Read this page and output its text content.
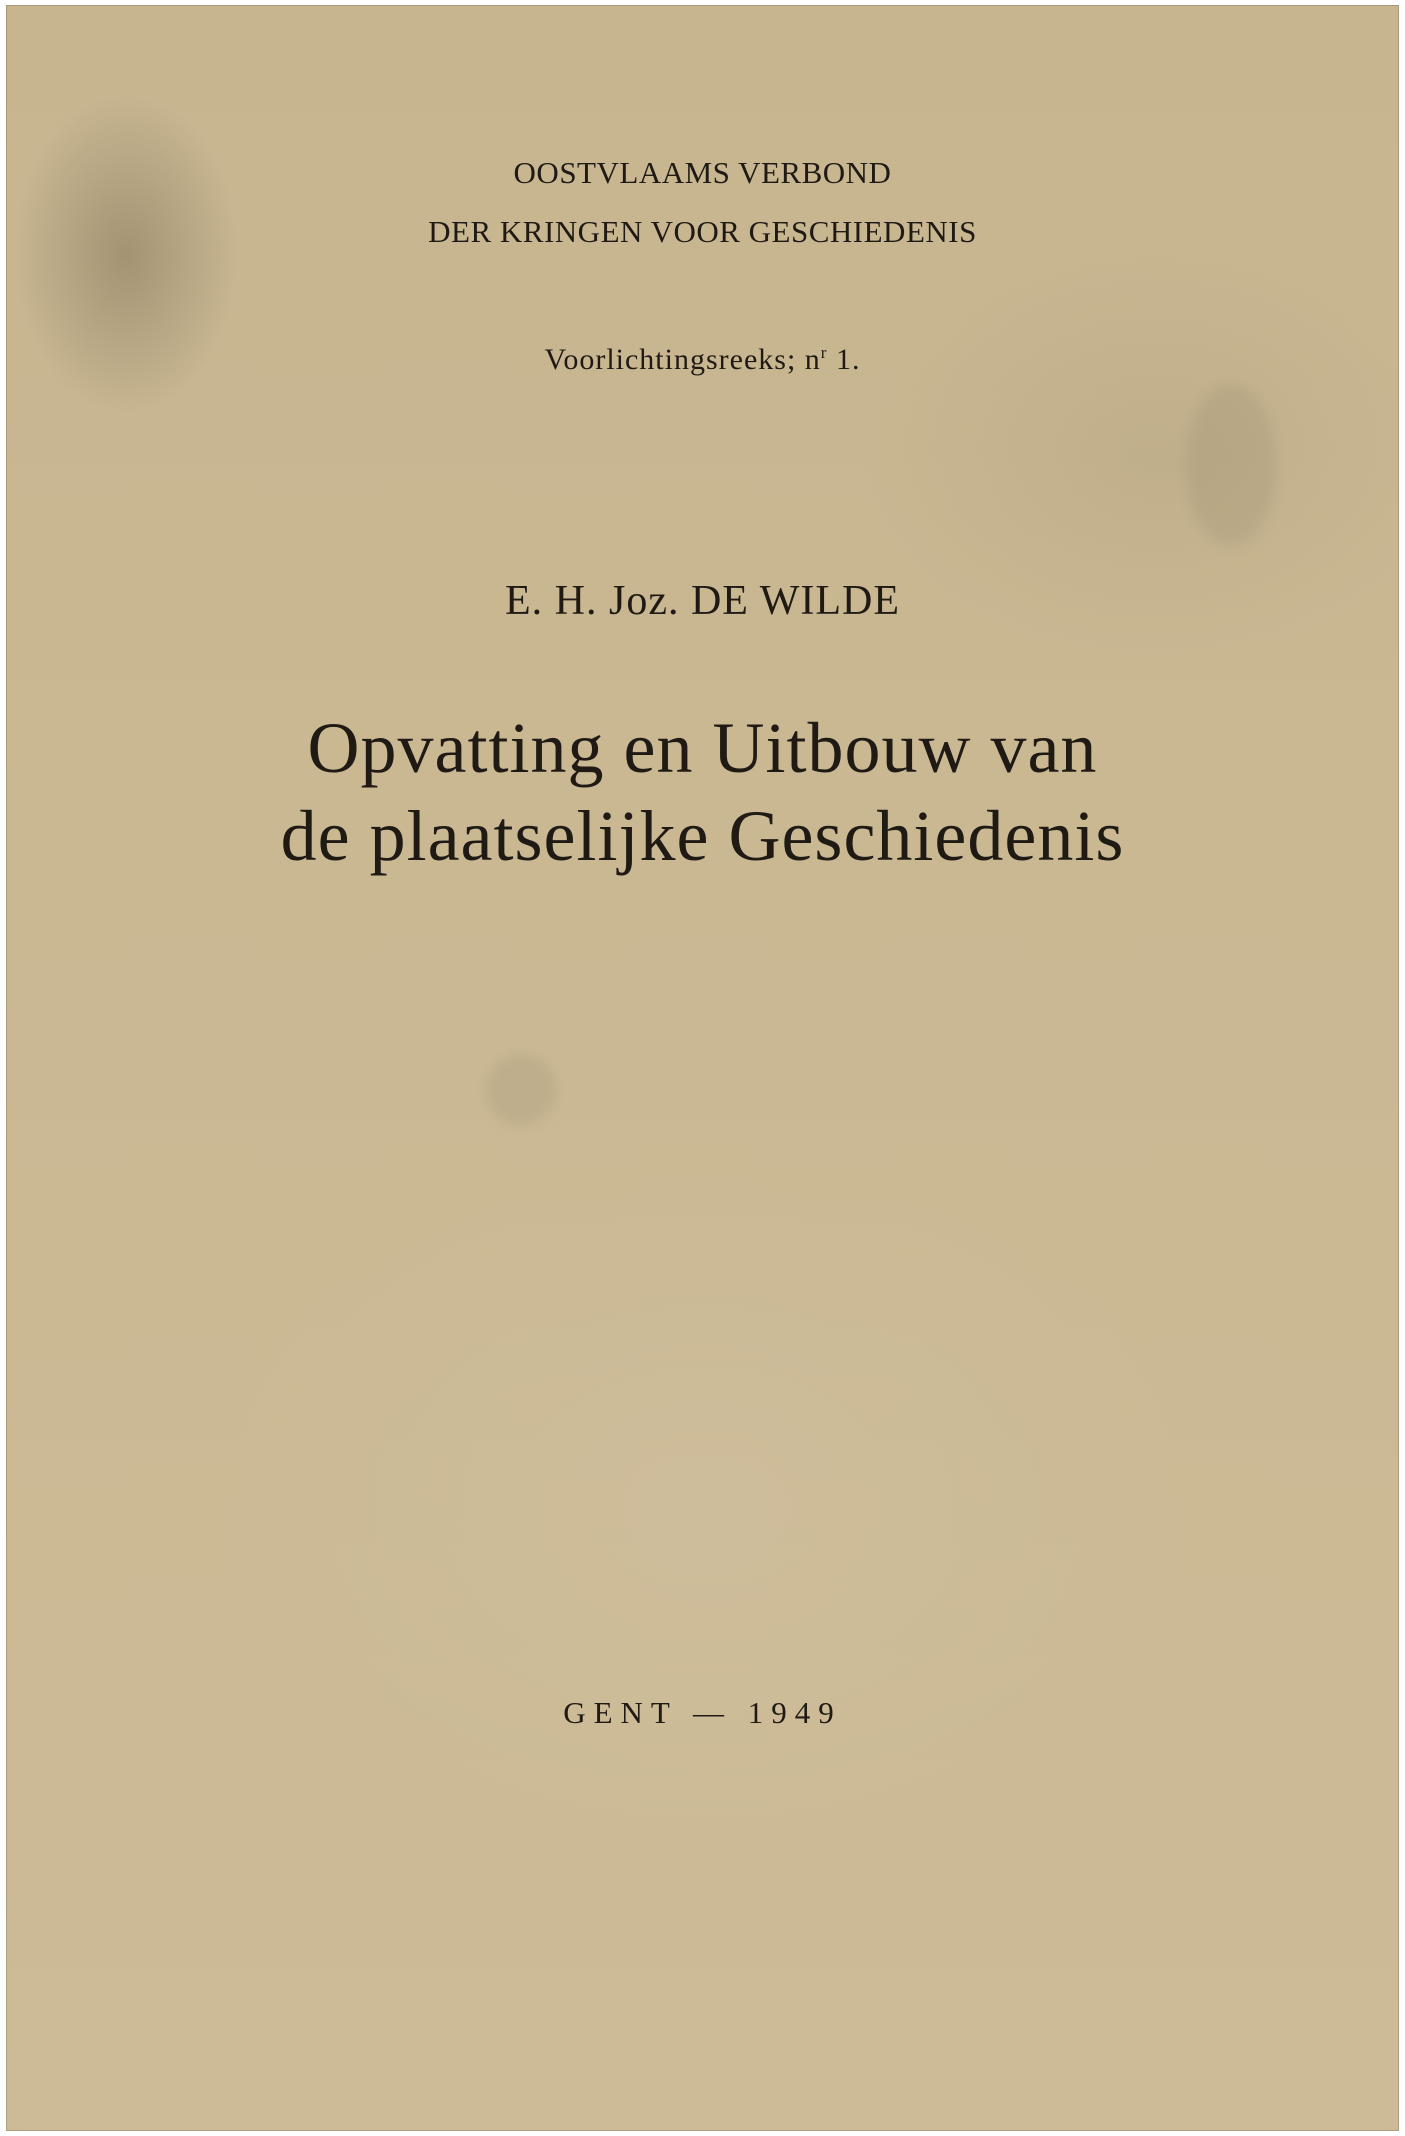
OOSTVLAAMS VERBOND
DER KRINGEN VOOR GESCHIEDENIS
Voorlichtingsreeks; $n^r$ 1.
E. H. Joz. DE WILDE
Opvatting en Uitbouw van
de plaatselijke Geschiedenis
GENT — 1949
